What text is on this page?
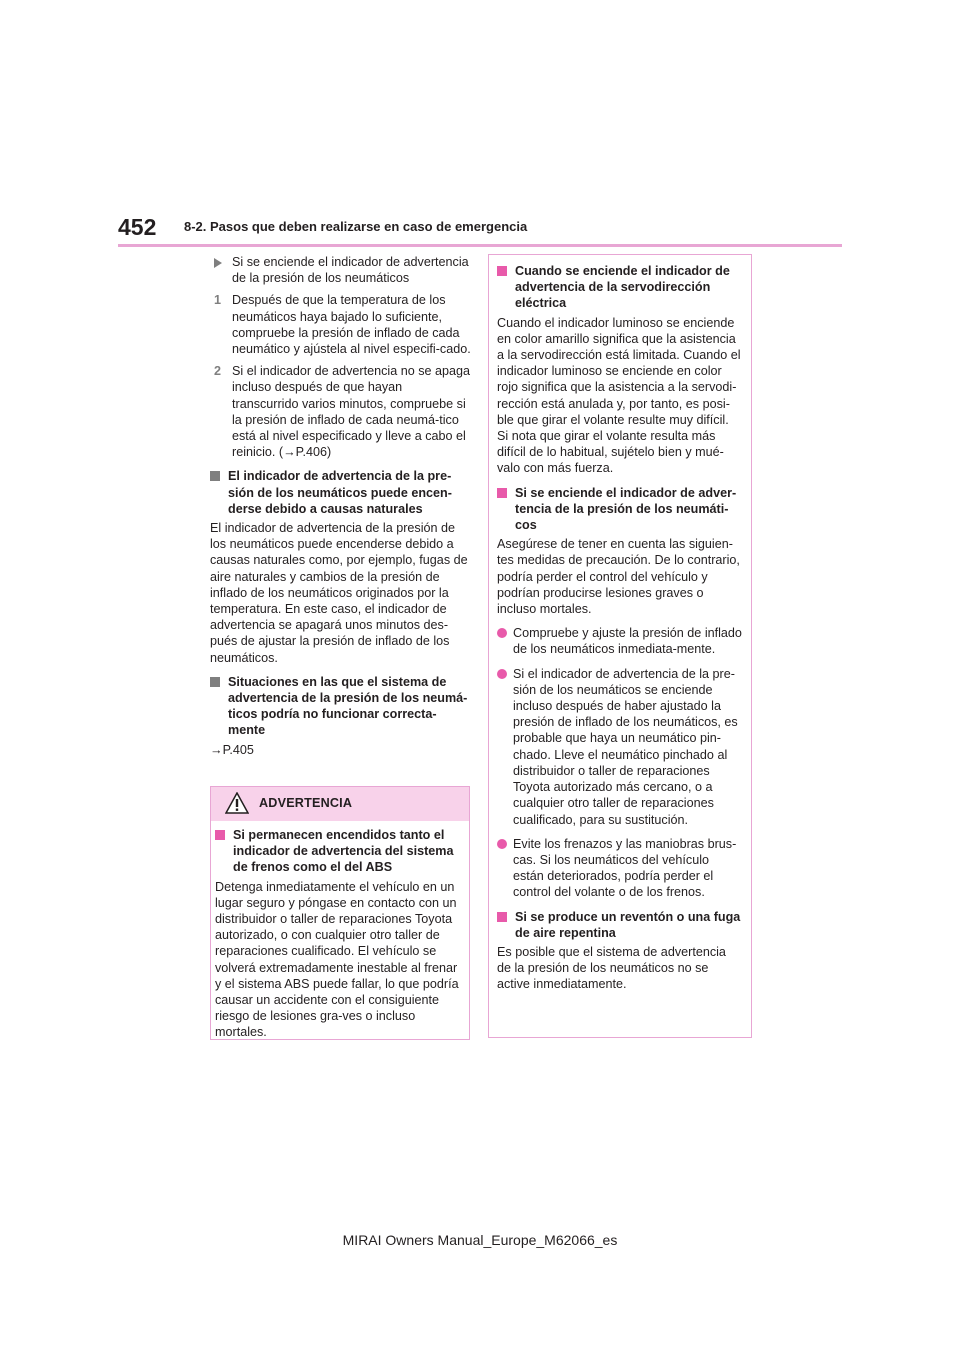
452 8-2. Pasos que deben realizarse en caso de emergencia

Si se enciende el indicador de advertencia de la presión de los neumáticos

1 Después de que la temperatura de los neumáticos haya bajado lo suficiente, compruebe la presión de inflado de cada neumático y ajústela al nivel especifi-cado.

2 Si el indicador de advertencia no se apaga incluso después de que hayan transcurrido varios minutos, compruebe si la presión de inflado de cada neumá-tico está al nivel especificado y lleve a cabo el reinicio. (→P.406)

El indicador de advertencia de la pre-sión de los neumáticos puede encen-derse debido a causas naturales

El indicador de advertencia de la presión de los neumáticos puede encenderse debido a causas naturales como, por ejemplo, fugas de aire naturales y cambios de la presión de inflado de los neumáticos originados por la temperatura. En este caso, el indicador de advertencia se apagará unos minutos des-pués de ajustar la presión de inflado de los neumáticos.

Situaciones en las que el sistema de advertencia de la presión de los neumá-ticos podría no funcionar correcta-mente

→P.405

ADVERTENCIA
Si permanecen encendidos tanto el indicador de advertencia del sistema de frenos como el del ABS

Detenga inmediatamente el vehículo en un lugar seguro y póngase en contacto con un distribuidor o taller de reparaciones Toyota autorizado, o con cualquier otro taller de reparaciones cualificado. El vehículo se volverá extremadamente inestable al frenar y el sistema ABS puede fallar, lo que podría causar un accidente con el consiguiente riesgo de lesiones gra-ves o incluso mortales.

Cuando se enciende el indicador de advertencia de la servodirección eléctrica

Cuando el indicador luminoso se enciende en color amarillo significa que la asistencia a la servodirección está limitada. Cuando el indicador luminoso se enciende en color rojo significa que la asistencia a la servodi-rección está anulada y, por tanto, es posi-ble que girar el volante resulte muy difícil. Si nota que girar el volante resulta más difícil de lo habitual, sujételo bien y mué-valo con más fuerza.

Si se enciende el indicador de adver-tencia de la presión de los neumáti-cos

Asegúrese de tener en cuenta las siguien-tes medidas de precaución. De lo contrario, podría perder el control del vehículo y podrían producirse lesiones graves o incluso mortales.

Compruebe y ajuste la presión de inflado de los neumáticos inmediata-mente.

Si el indicador de advertencia de la pre-sión de los neumáticos se enciende incluso después de haber ajustado la presión de inflado de los neumáticos, es probable que haya un neumático pin-chado. Lleve el neumático pinchado al distribuidor o taller de reparaciones Toyota autorizado más cercano, o a cualquier otro taller de reparaciones cualificado, para su sustitución.

Evite los frenazos y las maniobras brus-cas. Si los neumáticos del vehículo están deteriorados, podría perder el control del volante o de los frenos.

Si se produce un reventón o una fuga de aire repentina

Es posible que el sistema de advertencia de la presión de los neumáticos no se active inmediatamente.

MIRAI Owners Manual_Europe_M62066_es
